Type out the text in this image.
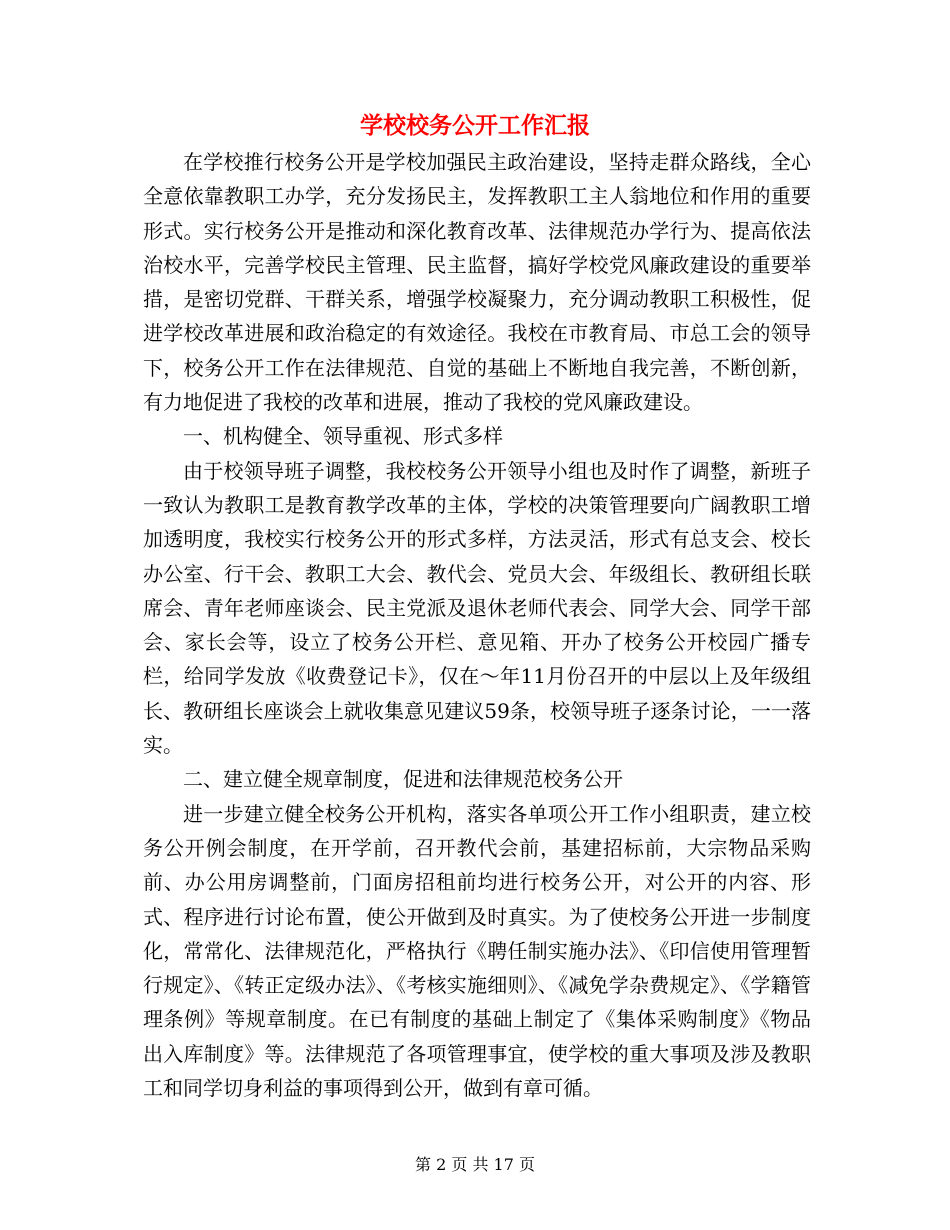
学校校务公开工作汇报

在学校推行校务公开是学校加强民主政治建设，坚持走群众路线，全心全意依靠教职工办学，充分发扬民主，发挥教职工主人翁地位和作用的重要形式。实行校务公开是推动和深化教育改革、法律规范办学行为、提高依法治校水平，完善学校民主管理、民主监督，搞好学校党风廉政建设的重要举措，是密切党群、干群关系，增强学校凝聚力，充分调动教职工积极性，促进学校改革进展和政治稳定的有效途径。我校在市教育局、市总工会的领导下，校务公开工作在法律规范、自觉的基础上不断地自我完善，不断创新，有力地促进了我校的改革和进展，推动了我校的党风廉政建设。

一、机构健全、领导重视、形式多样

由于校领导班子调整，我校校务公开领导小组也及时作了调整，新班子一致认为教职工是教育教学改革的主体，学校的决策管理要向广阔教职工增加透明度，我校实行校务公开的形式多样，方法灵活，形式有总支会、校长办公室、行干会、教职工大会、教代会、党员大会、年级组长、教研组长联席会、青年老师座谈会、民主党派及退休老师代表会、同学大会、同学干部会、家长会等，设立了校务公开栏、意见箱、开办了校务公开校园广播专栏，给同学发放《收费登记卡》，仅在～年11月份召开的中层以上及年级组长、教研组长座谈会上就收集意见建议59条，校领导班子逐条讨论，一一落实。

二、建立健全规章制度，促进和法律规范校务公开

进一步建立健全校务公开机构，落实各单项公开工作小组职责，建立校务公开例会制度，在开学前，召开教代会前，基建招标前，大宗物品采购前、办公用房调整前，门面房招租前均进行校务公开，对公开的内容、形式、程序进行讨论布置，使公开做到及时真实。为了使校务公开进一步制度化，常常化、法律规范化，严格执行《聘任制实施办法》、《印信使用管理暂行规定》、《转正定级办法》、《考核实施细则》、《减免学杂费规定》、《学籍管理条例》等规章制度。在已有制度的基础上制定了《集体采购制度》《物品出入库制度》等。法律规范了各项管理事宜，使学校的重大事项及涉及教职工和同学切身利益的事项得到公开，做到有章可循。

第 2 页 共 17 页
